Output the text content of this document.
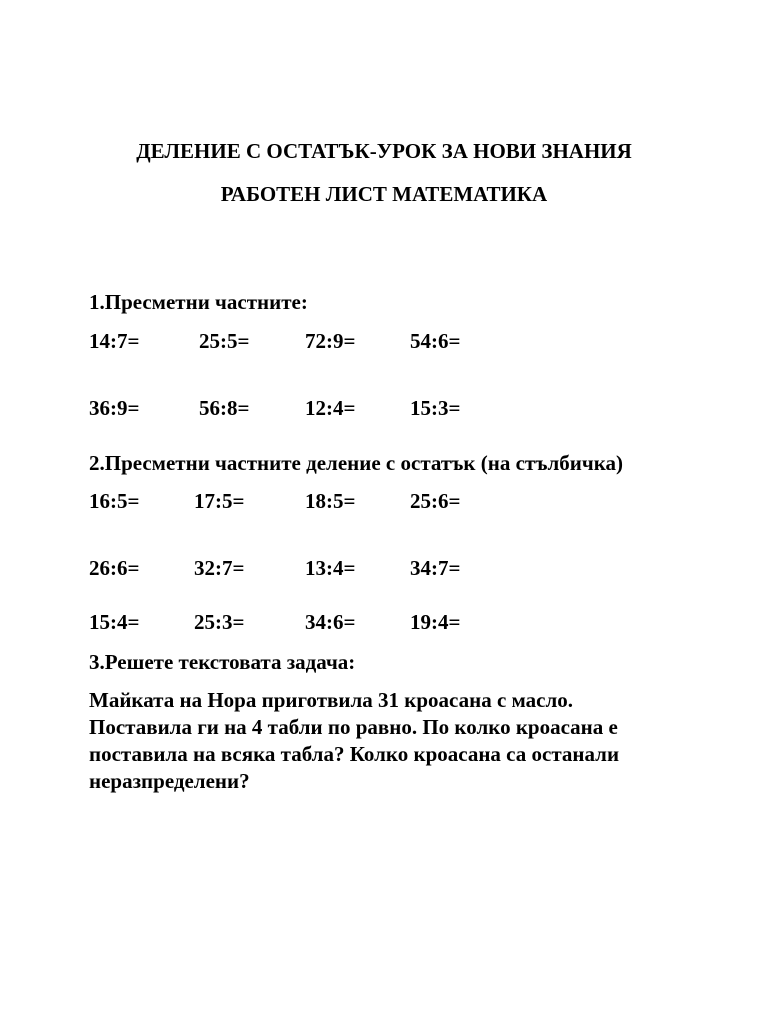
ДЕЛЕНИЕ С ОСТАТЪК-УРОК ЗА НОВИ ЗНАНИЯ
РАБОТЕН ЛИСТ МАТЕМАТИКА
1.Пресметни частните:
14:7=	25:5=	72:9=	54:6=
36:9=	56:8=	12:4=	15:3=
2.Пресметни частните деление с остатък (на стълбичка)
16:5=	17:5=	18:5=	25:6=
26:6=	32:7=	13:4=	34:7=
15:4=	25:3=	34:6=	19:4=
3.Решете текстовата задача:
Майката на Нора приготвила 31 кроасана с масло.
Поставила ги на 4 табли по равно. По колко кроасана е
поставила на всяка табла? Колко кроасана са останали
неразпределени?
